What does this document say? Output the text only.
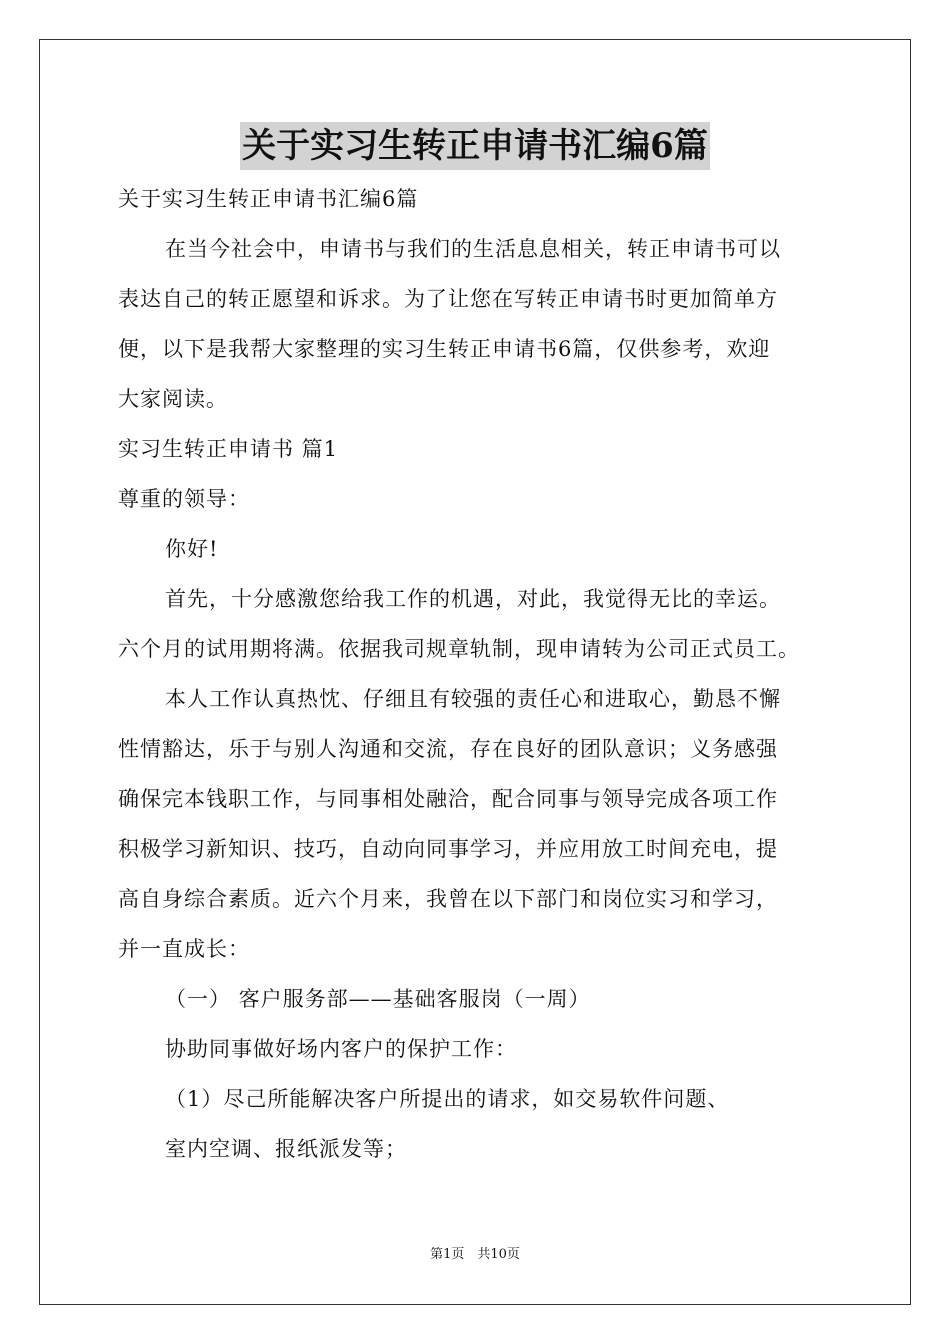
关于实习生转正申请书汇编6篇
关于实习生转正申请书汇编6篇
在当今社会中，申请书与我们的生活息息相关，转正申请书可以
表达自己的转正愿望和诉求。为了让您在写转正申请书时更加简单方
便，以下是我帮大家整理的实习生转正申请书6篇，仅供参考，欢迎
大家阅读。
实习生转正申请书 篇1
尊重的领导：
你好!
首先，十分感激您给我工作的机遇，对此，我觉得无比的幸运。
六个月的试用期将满。依据我司规章轨制，现申请转为公司正式员工。
本人工作认真热忱、仔细且有较强的责任心和进取心，勤恳不懈
性情豁达，乐于与别人沟通和交流，存在良好的团队意识；义务感强
确保完本钱职工作，与同事相处融洽，配合同事与领导完成各项工作
积极学习新知识、技巧，自动向同事学习，并应用放工时间充电，提
高自身综合素质。近六个月来，我曾在以下部门和岗位实习和学习，
并一直成长：
（一） 客户服务部——基础客服岗（一周）
协助同事做好场内客户的保护工作：
（1）尽己所能解决客户所提出的请求，如交易软件问题、
室内空调、报纸派发等；
第1页　共10页
